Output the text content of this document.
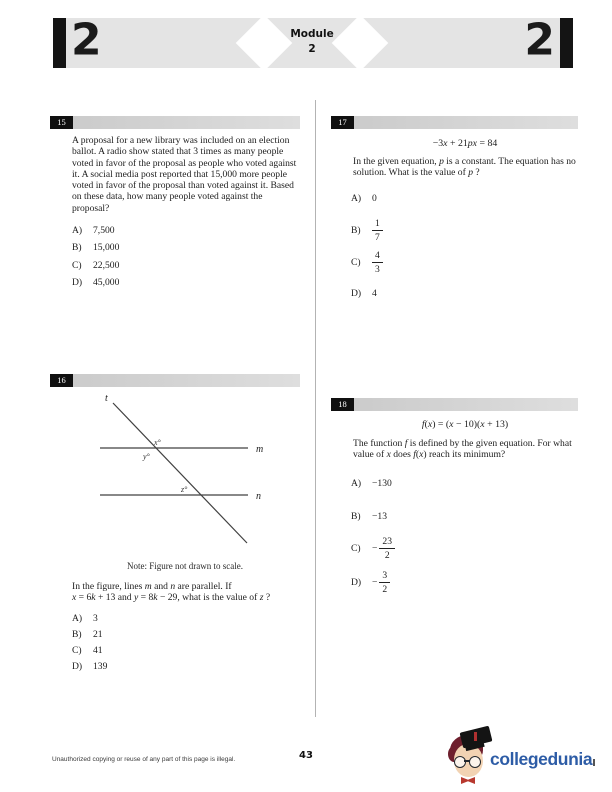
2	2
Module
2
15
A proposal for a new library was included on an election ballot. A radio show stated that 3 times as many people voted in favor of the proposal as people who voted against it. A social media post reported that 15,000 more people voted in favor of the proposal than voted against it. Based on these data, how many people voted against the proposal?
A)	7,500
B)	15,000
C)	22,500
D)	45,000
16
t
m
n
x°
y°
z°
Note: Figure not drawn to scale.
In the figure, lines m and n are parallel. If
x = 6k + 13 and y = 8k − 29, what is the value of z ?
A)	3
B)	21
C)	41
D)	139
17
−3x + 21px = 84
In the given equation, p is a constant. The equation has no solution. What is the value of p ?
A)	0
B)	$\frac{1}{7}$
C)	$\frac{4}{3}$
D)	4
18
f(x) = (x − 10)(x + 13)
The function f is defined by the given equation. For what value of x does f(x) reach its minimum?
A)	−130
B)	−13
C)	− $\frac{23}{2}$
D)	− $\frac{3}{2}$
Unauthorized copying or reuse of any part of this page is illegal.	43	collegedunia
